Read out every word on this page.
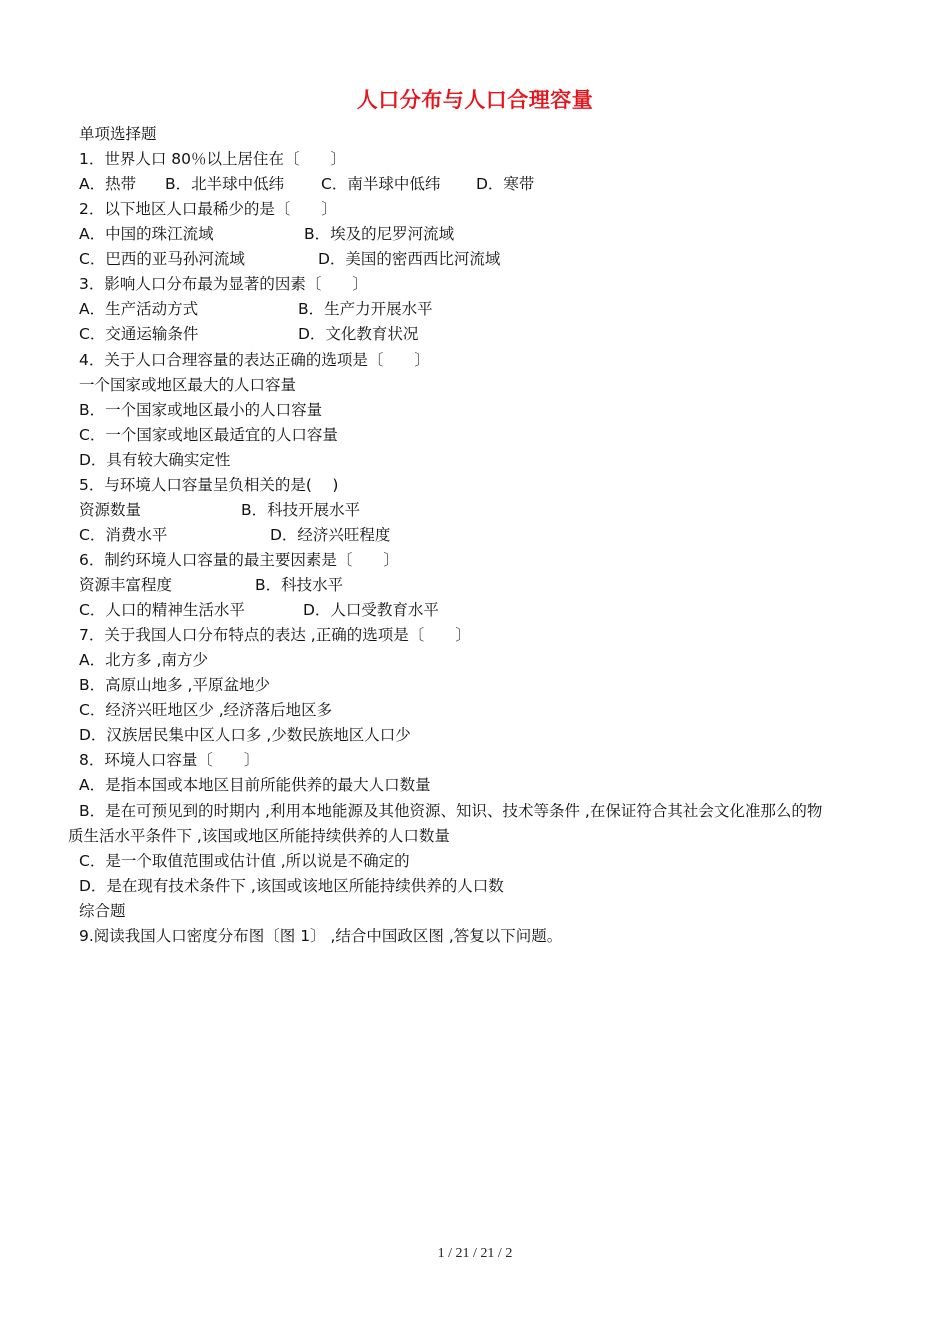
人口分布与人口合理容量
单项选择题
1．世界人口 80％以上居住在〔　　〕
A．热带 B．北半球中低纬 C．南半球中低纬 D．寒带
2．以下地区人口最稀少的是〔　　〕
A．中国的珠江流域	B．埃及的尼罗河流域
C．巴西的亚马孙河流域	D．美国的密西西比河流域
3．影响人口分布最为显著的因素〔　　〕
A．生产活动方式	B．生产力开展水平
C．交通运输条件	D．文化教育状况
4．关于人口合理容量的表达正确的选项是〔　　〕
一个国家或地区最大的人口容量
B．一个国家或地区最小的人口容量
C．一个国家或地区最适宜的人口容量
D．具有较大确实定性
5．与环境人口容量呈负相关的是(　 )
资源数量	B．科技开展水平
C．消费水平	D．经济兴旺程度
6．制约环境人口容量的最主要因素是〔　　〕
资源丰富程度	B．科技水平
C．人口的精神生活水平	D．人口受教育水平
7．关于我国人口分布特点的表达 ,正确的选项是〔　　〕
A．北方多 ,南方少
B．高原山地多 ,平原盆地少
C．经济兴旺地区少 ,经济落后地区多
D．汉族居民集中区人口多 ,少数民族地区人口少
8．环境人口容量〔　　〕
A．是指本国或本地区目前所能供养的最大人口数量
B．是在可预见到的时期内 ,利用本地能源及其他资源、知识、技术等条件 ,在保证符合其社会文化准那么的物
质生活水平条件下 ,该国或地区所能持续供养的人口数量
C．是一个取值范围或估计值 ,所以说是不确定的
D．是在现有技术条件下 ,该国或该地区所能持续供养的人口数
综合题
9.阅读我国人口密度分布图〔图 1〕 ,结合中国政区图 ,答复以下问题。
1 / 21 / 21 / 2
